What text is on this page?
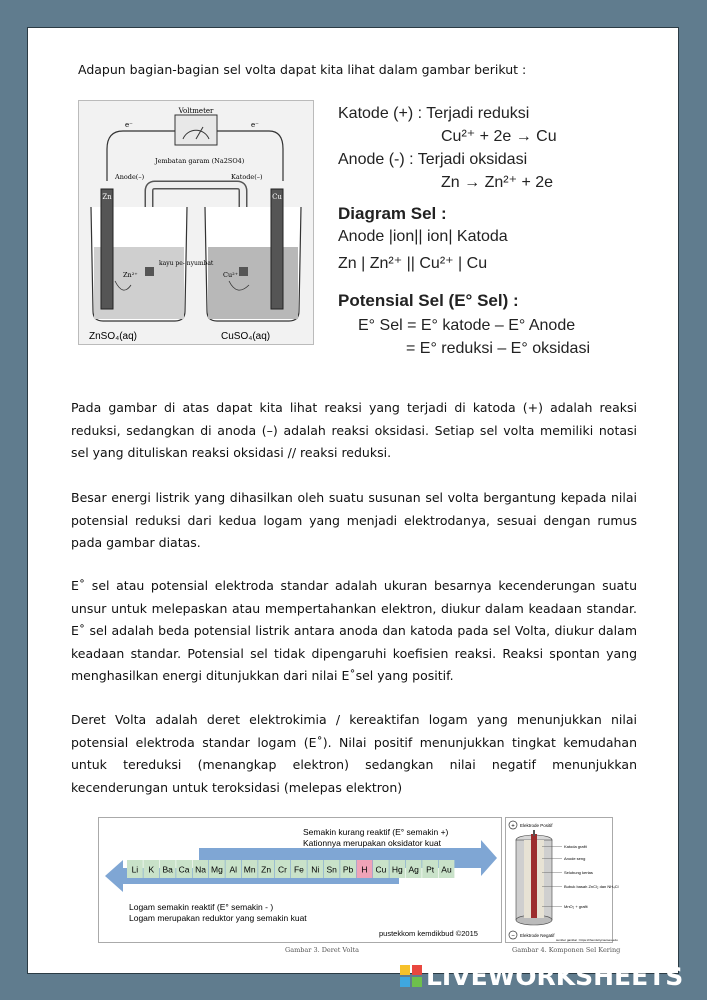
Adapun bagian-bagian sel volta dapat kita lihat dalam gambar berikut :
Voltmeter
e⁻	e⁻
Jembatan garam (Na2SO4)
Anode(–)	Katode(–)
Zn	Cu
kayu pe- nyumbat
Zn²⁺	Cu²⁺
ZnSO₄(aq)	CuSO₄(aq)
Katode (+) : Terjadi reduksi
Cu²⁺ + 2e → Cu
Anode (-) : Terjadi oksidasi
Zn → Zn²⁺ + 2e
Diagram Sel :
Anode |ion|| ion| Katoda
Zn | Zn²⁺ || Cu²⁺ | Cu
Potensial Sel (E° Sel) :
E° Sel = E° katode – E° Anode
= E° reduksi – E° oksidasi
Pada gambar di atas dapat kita lihat reaksi yang terjadi di katoda (+) adalah reaksi reduksi, sedangkan di anoda (–) adalah reaksi oksidasi. Setiap sel volta memiliki notasi sel yang dituliskan reaksi oksidasi // reaksi reduksi.
Besar energi listrik yang dihasilkan oleh suatu susunan sel volta bergantung kepada nilai potensial reduksi dari kedua logam yang menjadi elektrodanya, sesuai dengan rumus pada gambar diatas.
E˚ sel atau potensial elektroda standar adalah ukuran besarnya kecenderungan suatu unsur untuk melepaskan atau mempertahankan elektron, diukur dalam keadaan standar. E˚ sel adalah beda potensial listrik antara anoda dan katoda pada sel Volta, diukur dalam keadaan standar. Potensial sel tidak dipengaruhi koefisien reaksi. Reaksi spontan yang menghasilkan energi ditunjukkan dari nilai E˚sel yang positif.
Deret Volta adalah deret elektrokimia / kereaktifan logam yang menunjukkan nilai potensial elektroda standar logam (E˚). Nilai positif menunjukkan tingkat kemudahan untuk tereduksi (menangkap elektron) sedangkan nilai negatif menunjukkan kecenderungan untuk teroksidasi (melepas elektron)
Semakin kurang reaktif (E° semakin +)
Kationnya merupakan oksidator kuat
Li K Ba Ca Na Mg Al Mn Zn Cr Fe Ni Sn Pb H Cu Hg Ag Pt Au
Logam semakin reaktif (E° semakin - )
Logam merupakan reduktor yang semakin kuat
pustekkom kemdikbud ©2015
+ Elektrode Positif
Katoda grafit
Anode seng
Selubung kertas
Bubuk basah ZnCl₂ dan NH₄Cl
MnO₂ + grafit
− Elektrode Negatif
sumber gambar : https://chemistrycourses.edu
Gambar 3. Deret Volta	Gambar 4. Komponen Sel Kering
LIVEWORKSHEETS
